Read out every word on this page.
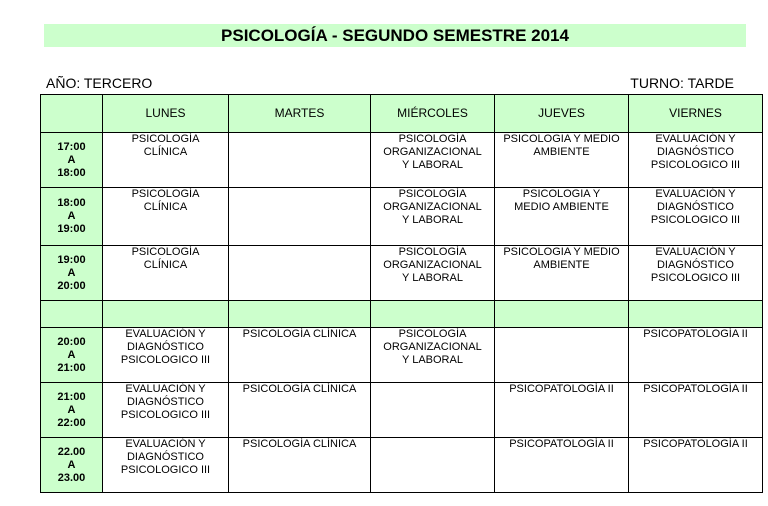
PSICOLOGÍA - SEGUNDO SEMESTRE 2014
AÑO: TERCERO	TURNO: TARDE
	LUNES	MARTES	MIÉRCOLES	JUEVES	VIERNES

17:00
A
18:00	PSICOLOGÍA
CLÍNICA		PSICOLOGÍA
ORGANIZACIONAL
Y LABORAL	PSICOLOGIA Y MEDIO
AMBIENTE	EVALUACIÓN Y
DIAGNÓSTICO
PSICOLOGICO III

18:00
A
19:00	PSICOLOGÍA
CLÍNICA		PSICOLOGÍA
ORGANIZACIONAL
Y LABORAL	PSICOLOGIA Y
MEDIO AMBIENTE	EVALUACIÓN Y
DIAGNÓSTICO
PSICOLOGICO III

19:00
A
20:00	PSICOLOGÍA
CLÍNICA		PSICOLOGÍA
ORGANIZACIONAL
Y LABORAL	PSICOLOGIA Y MEDIO
AMBIENTE	EVALUACIÓN Y
DIAGNÓSTICO
PSICOLOGICO III

20:00
A
21:00	EVALUACIÓN Y
DIAGNÓSTICO
PSICOLOGICO III	PSICOLOGÍA CLÍNICA	PSICOLOGÍA
ORGANIZACIONAL
Y LABORAL		PSICOPATOLOGÍA II

21:00
A
22:00	EVALUACIÓN Y
DIAGNÓSTICO
PSICOLOGICO III	PSICOLOGÍA CLÍNICA		PSICOPATOLOGÍA II	PSICOPATOLOGÍA II

22.00
A
23.00	EVALUACIÓN Y
DIAGNÓSTICO
PSICOLOGICO III	PSICOLOGÍA CLÍNICA		PSICOPATOLOGÍA II	PSICOPATOLOGÍA II
